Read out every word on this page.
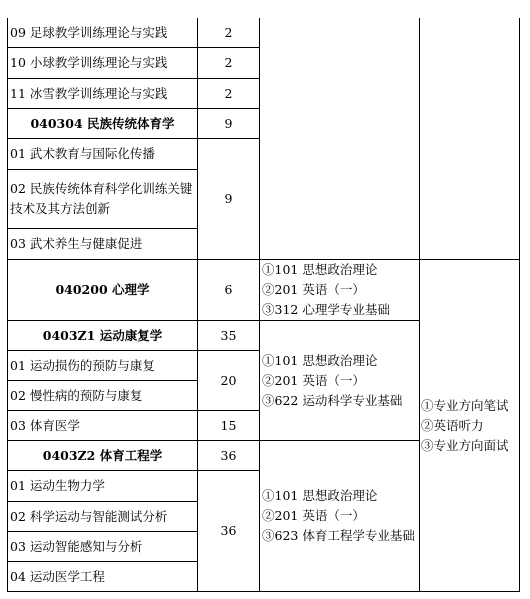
09 足球教学训练理论与实践
10 小球教学训练理论与实践
11 冰雪教学训练理论与实践
040304 民族传统体育学
01 武术教育与国际化传播
02 民族传统体育科学化训练关键技术及其方法创新
03 武术养生与健康促进
040200 心理学
0403Z1 运动康复学
01 运动损伤的预防与康复
02 慢性病的预防与康复
03 体育医学
0403Z2 体育工程学
01 运动生物力学
02 科学运动与智能测试分析
03 运动智能感知与分析
04 运动医学工程
2
2
2
9
9
6
35
20
15
36
36
①101 思想政治理论
②201 英语（一）
③312 心理学专业基础
①101 思想政治理论
②201 英语（一）
③622 运动科学专业基础
①101 思想政治理论
②201 英语（一）
③623 体育工程学专业基础
①专业方向笔试
②英语听力
③专业方向面试
